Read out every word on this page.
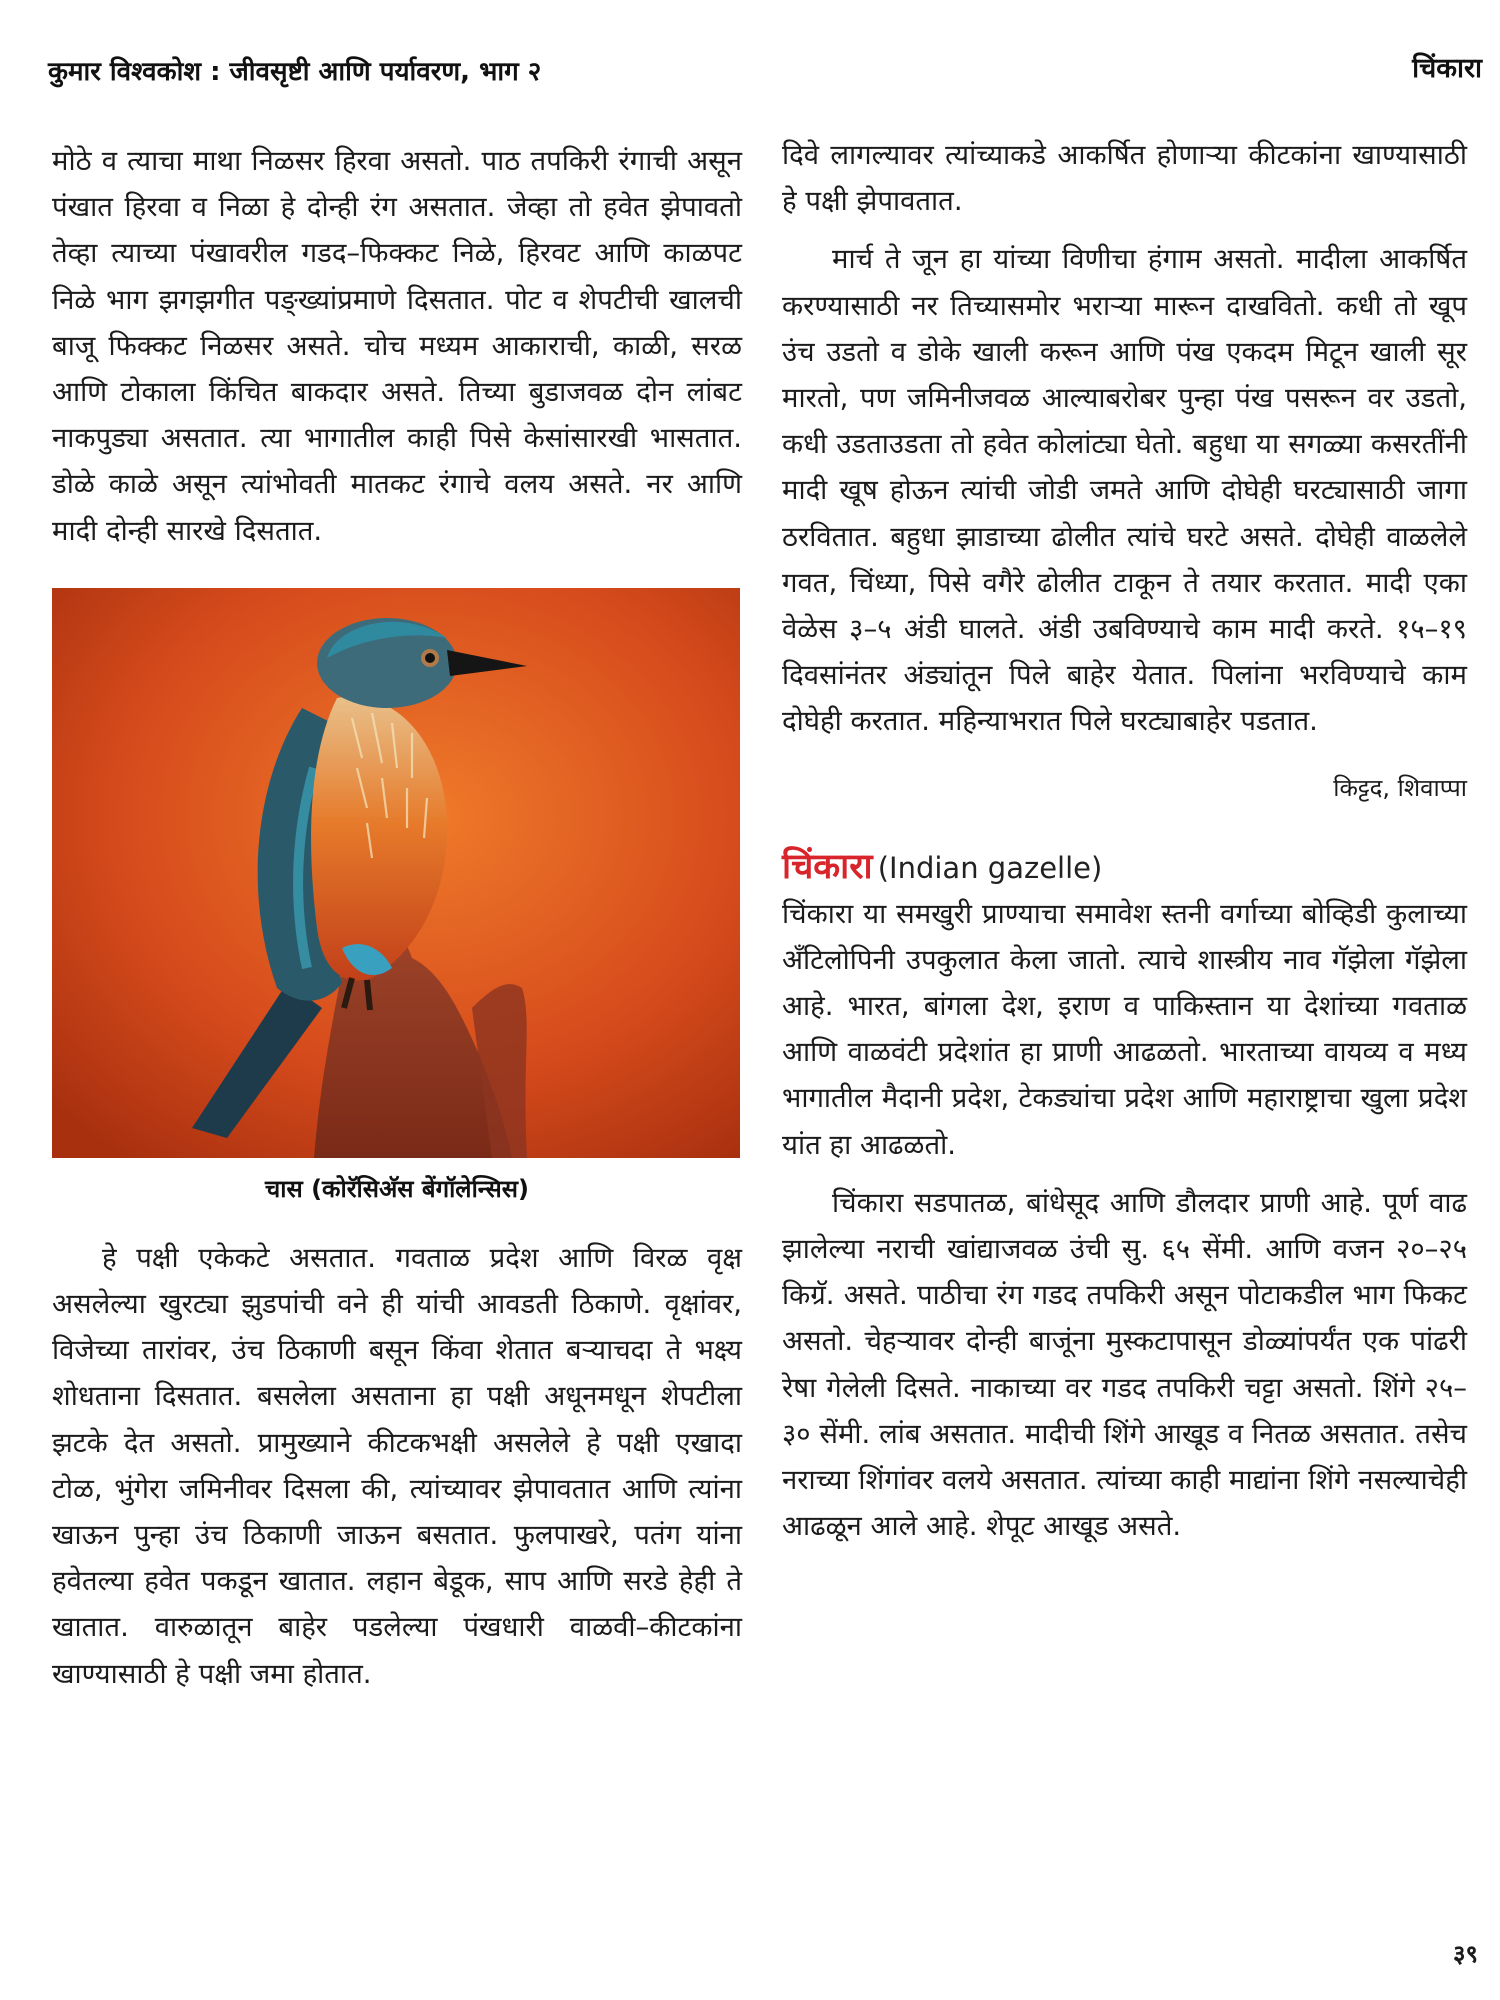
कुमार विश्वकोश : जीवसृष्टी आणि पर्यावरण, भाग २	चिंकारा

मोठे व त्याचा माथा निळसर हिरवा असतो. पाठ तपकिरी रंगाची असून पंखात हिरवा व निळा हे दोन्ही रंग असतात. जेव्हा तो हवेत झेपावतो तेव्हा त्याच्या पंखावरील गडद–फिक्कट निळे, हिरवट आणि काळपट निळे भाग झगझगीत पङ्ख्यांप्रमाणे दिसतात. पोट व शेपटीची खालची बाजू फिक्कट निळसर असते. चोच मध्यम आकाराची, काळी, सरळ आणि टोकाला किंचित बाकदार असते. तिच्या बुडाजवळ दोन लांबट नाकपुड्या असतात. त्या भागातील काही पिसे केसांसारखी भासतात. डोळे काळे असून त्यांभोवती मातकट रंगाचे वलय असते. नर आणि मादी दोन्ही सारखे दिसतात.

चास (कोरॅसिअ‍ॅस बेंगॉलेन्सिस)

हे पक्षी एकेकटे असतात. गवताळ प्रदेश आणि विरळ वृक्ष असलेल्या खुरट्या झुडपांची वने ही यांची आवडती ठिकाणे. वृक्षांवर, विजेच्या तारांवर, उंच ठिकाणी बसून किंवा शेतात बऱ्याचदा ते भक्ष्य शोधताना दिसतात. बसलेला असताना हा पक्षी अधूनमधून शेपटीला झटके देत असतो. प्रामुख्याने कीटकभक्षी असलेले हे पक्षी एखादा टोळ, भुंगेरा जमिनीवर दिसला की, त्यांच्यावर झेपावतात आणि त्यांना खाऊन पुन्हा उंच ठिकाणी जाऊन बसतात. फुलपाखरे, पतंग यांना हवेतल्या हवेत पकडून खातात. लहान बेडूक, साप आणि सरडे हेही ते खातात. वारुळातून बाहेर पडलेल्या पंखधारी वाळवी–कीटकांना खाण्यासाठी हे पक्षी जमा होतात.

दिवे लागल्यावर त्यांच्याकडे आकर्षित होणाऱ्या कीटकांना खाण्यासाठी हे पक्षी झेपावतात.

मार्च ते जून हा यांच्या विणीचा हंगाम असतो. मादीला आकर्षित करण्यासाठी नर तिच्यासमोर भराऱ्या मारून दाखवितो. कधी तो खूप उंच उडतो व डोके खाली करून आणि पंख एकदम मिटून खाली सूर मारतो, पण जमिनीजवळ आल्याबरोबर पुन्हा पंख पसरून वर उडतो, कधी उडताउडता तो हवेत कोलांट्या घेतो. बहुधा या सगळ्या कसरतींनी मादी खूष होऊन त्यांची जोडी जमते आणि दोघेही घरट्यासाठी जागा ठरवितात. बहुधा झाडाच्या ढोलीत त्यांचे घरटे असते. दोघेही वाळलेले गवत, चिंध्या, पिसे वगैरे ढोलीत टाकून ते तयार करतात. मादी एका वेळेस ३–५ अंडी घालते. अंडी उबविण्याचे काम मादी करते. १५–१९ दिवसांनंतर अंड्यांतून पिले बाहेर येतात. पिलांना भरविण्याचे काम दोघेही करतात. महिन्याभरात पिले घरट्याबाहेर पडतात.

किट्टद, शिवाप्पा

चिंकारा (Indian gazelle)

चिंकारा या समखुरी प्राण्याचा समावेश स्तनी वर्गाच्या बोव्हिडी कुलाच्या अँटिलोपिनी उपकुलात केला जातो. त्याचे शास्त्रीय नाव गॅझेला गॅझेला आहे. भारत, बांगला देश, इराण व पाकिस्तान या देशांच्या गवताळ आणि वाळवंटी प्रदेशांत हा प्राणी आढळतो. भारताच्या वायव्य व मध्य भागातील मैदानी प्रदेश, टेकड्यांचा प्रदेश आणि महाराष्ट्राचा खुला प्रदेश यांत हा आढळतो.

चिंकारा सडपातळ, बांधेसूद आणि डौलदार प्राणी आहे. पूर्ण वाढ झालेल्या नराची खांद्याजवळ उंची सु. ६५ सेंमी. आणि वजन २०–२५ किग्रॅ. असते. पाठीचा रंग गडद तपकिरी असून पोटाकडील भाग फिकट असतो. चेहऱ्यावर दोन्ही बाजूंना मुस्कटापासून डोळ्यांपर्यंत एक पांढरी रेषा गेलेली दिसते. नाकाच्या वर गडद तपकिरी चट्टा असतो. शिंगे २५–३० सेंमी. लांब असतात. मादीची शिंगे आखूड व नितळ असतात. तसेच नराच्या शिंगांवर वलये असतात. त्यांच्या काही माद्यांना शिंगे नसल्याचेही आढळून आले आहे. शेपूट आखूड असते.

३९
